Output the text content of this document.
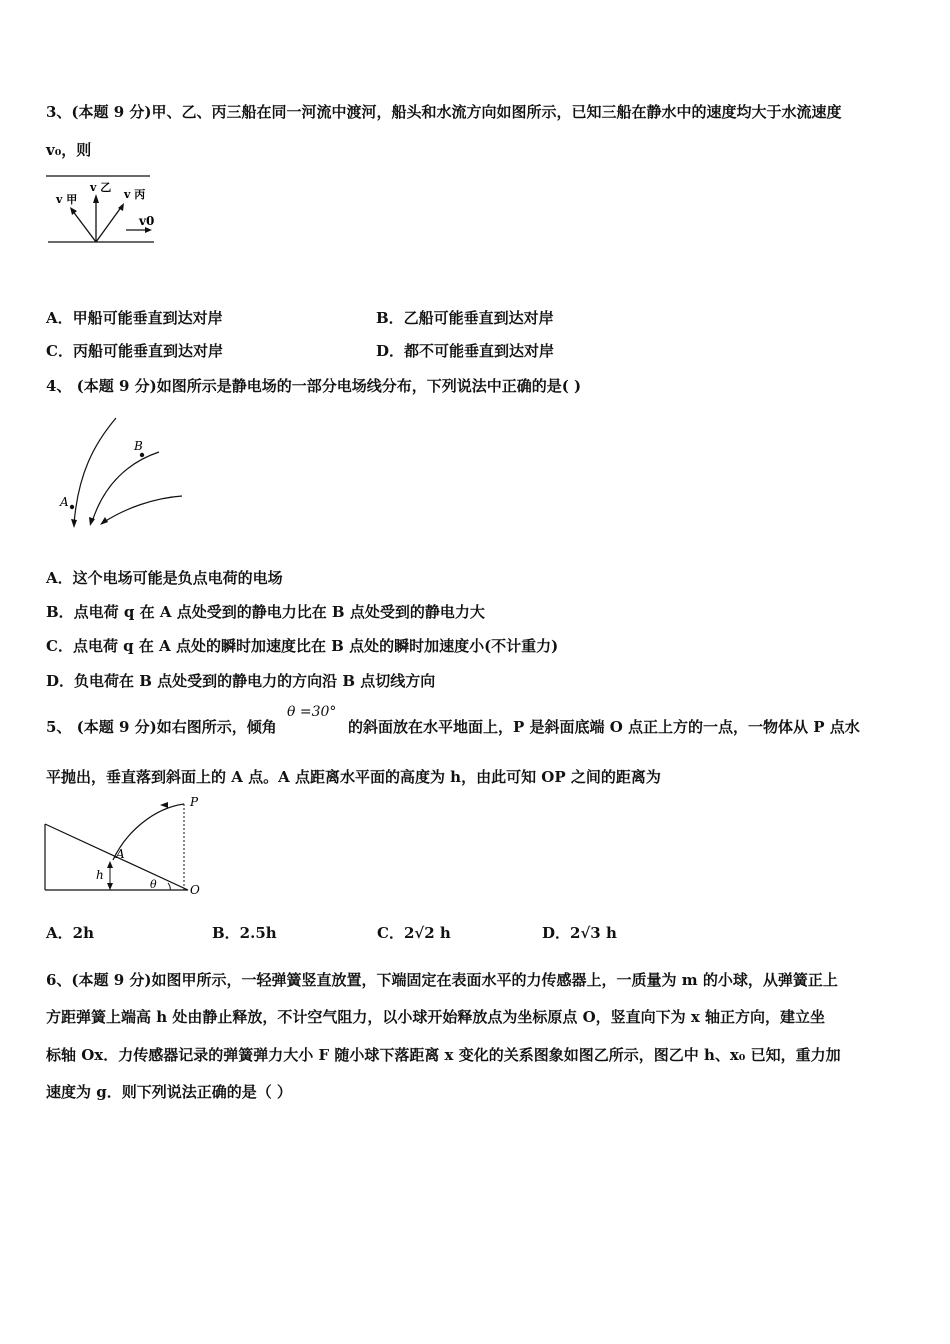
3、(本题 9 分)甲、乙、丙三船在同一河流中渡河，船头和水流方向如图所示，已知三船在静水中的速度均大于水流速度
v₀，则
v 甲
v 乙
v 丙
v0
A．甲船可能垂直到达对岸	B．乙船可能垂直到达对岸
C．丙船可能垂直到达对岸	D．都不可能垂直到达对岸
4、 (本题 9 分)如图所示是静电场的一部分电场线分布，下列说法中正确的是( )
A
B
A．这个电场可能是负点电荷的电场
B．点电荷 q 在 A 点处受到的静电力比在 B 点处受到的静电力大
C．点电荷 q 在 A 点处的瞬时加速度比在 B 点处的瞬时加速度小(不计重力)
D．负电荷在 B 点处受到的静电力的方向沿 B 点切线方向
5、 (本题 9 分)如右图所示，倾角
θ =30°
的斜面放在水平地面上，P 是斜面底端 O 点正上方的一点，一物体从 P 点水
平抛出，垂直落到斜面上的 A 点。A 点距离水平面的高度为 h，由此可知 OP 之间的距离为
P
A
h
θ	O
A．2h	B．2.5h	C．2√2 h	D．2√3 h
6、(本题 9 分)如图甲所示，一轻弹簧竖直放置，下端固定在表面水平的力传感器上，一质量为 m 的小球，从弹簧正上
方距弹簧上端高 h 处由静止释放，不计空气阻力，以小球开始释放点为坐标原点 O，竖直向下为 x 轴正方向，建立坐
标轴 Ox．力传感器记录的弹簧弹力大小 F 随小球下落距离 x 变化的关系图象如图乙所示，图乙中 h、x₀ 已知，重力加
速度为 g．则下列说法正确的是（ ）
